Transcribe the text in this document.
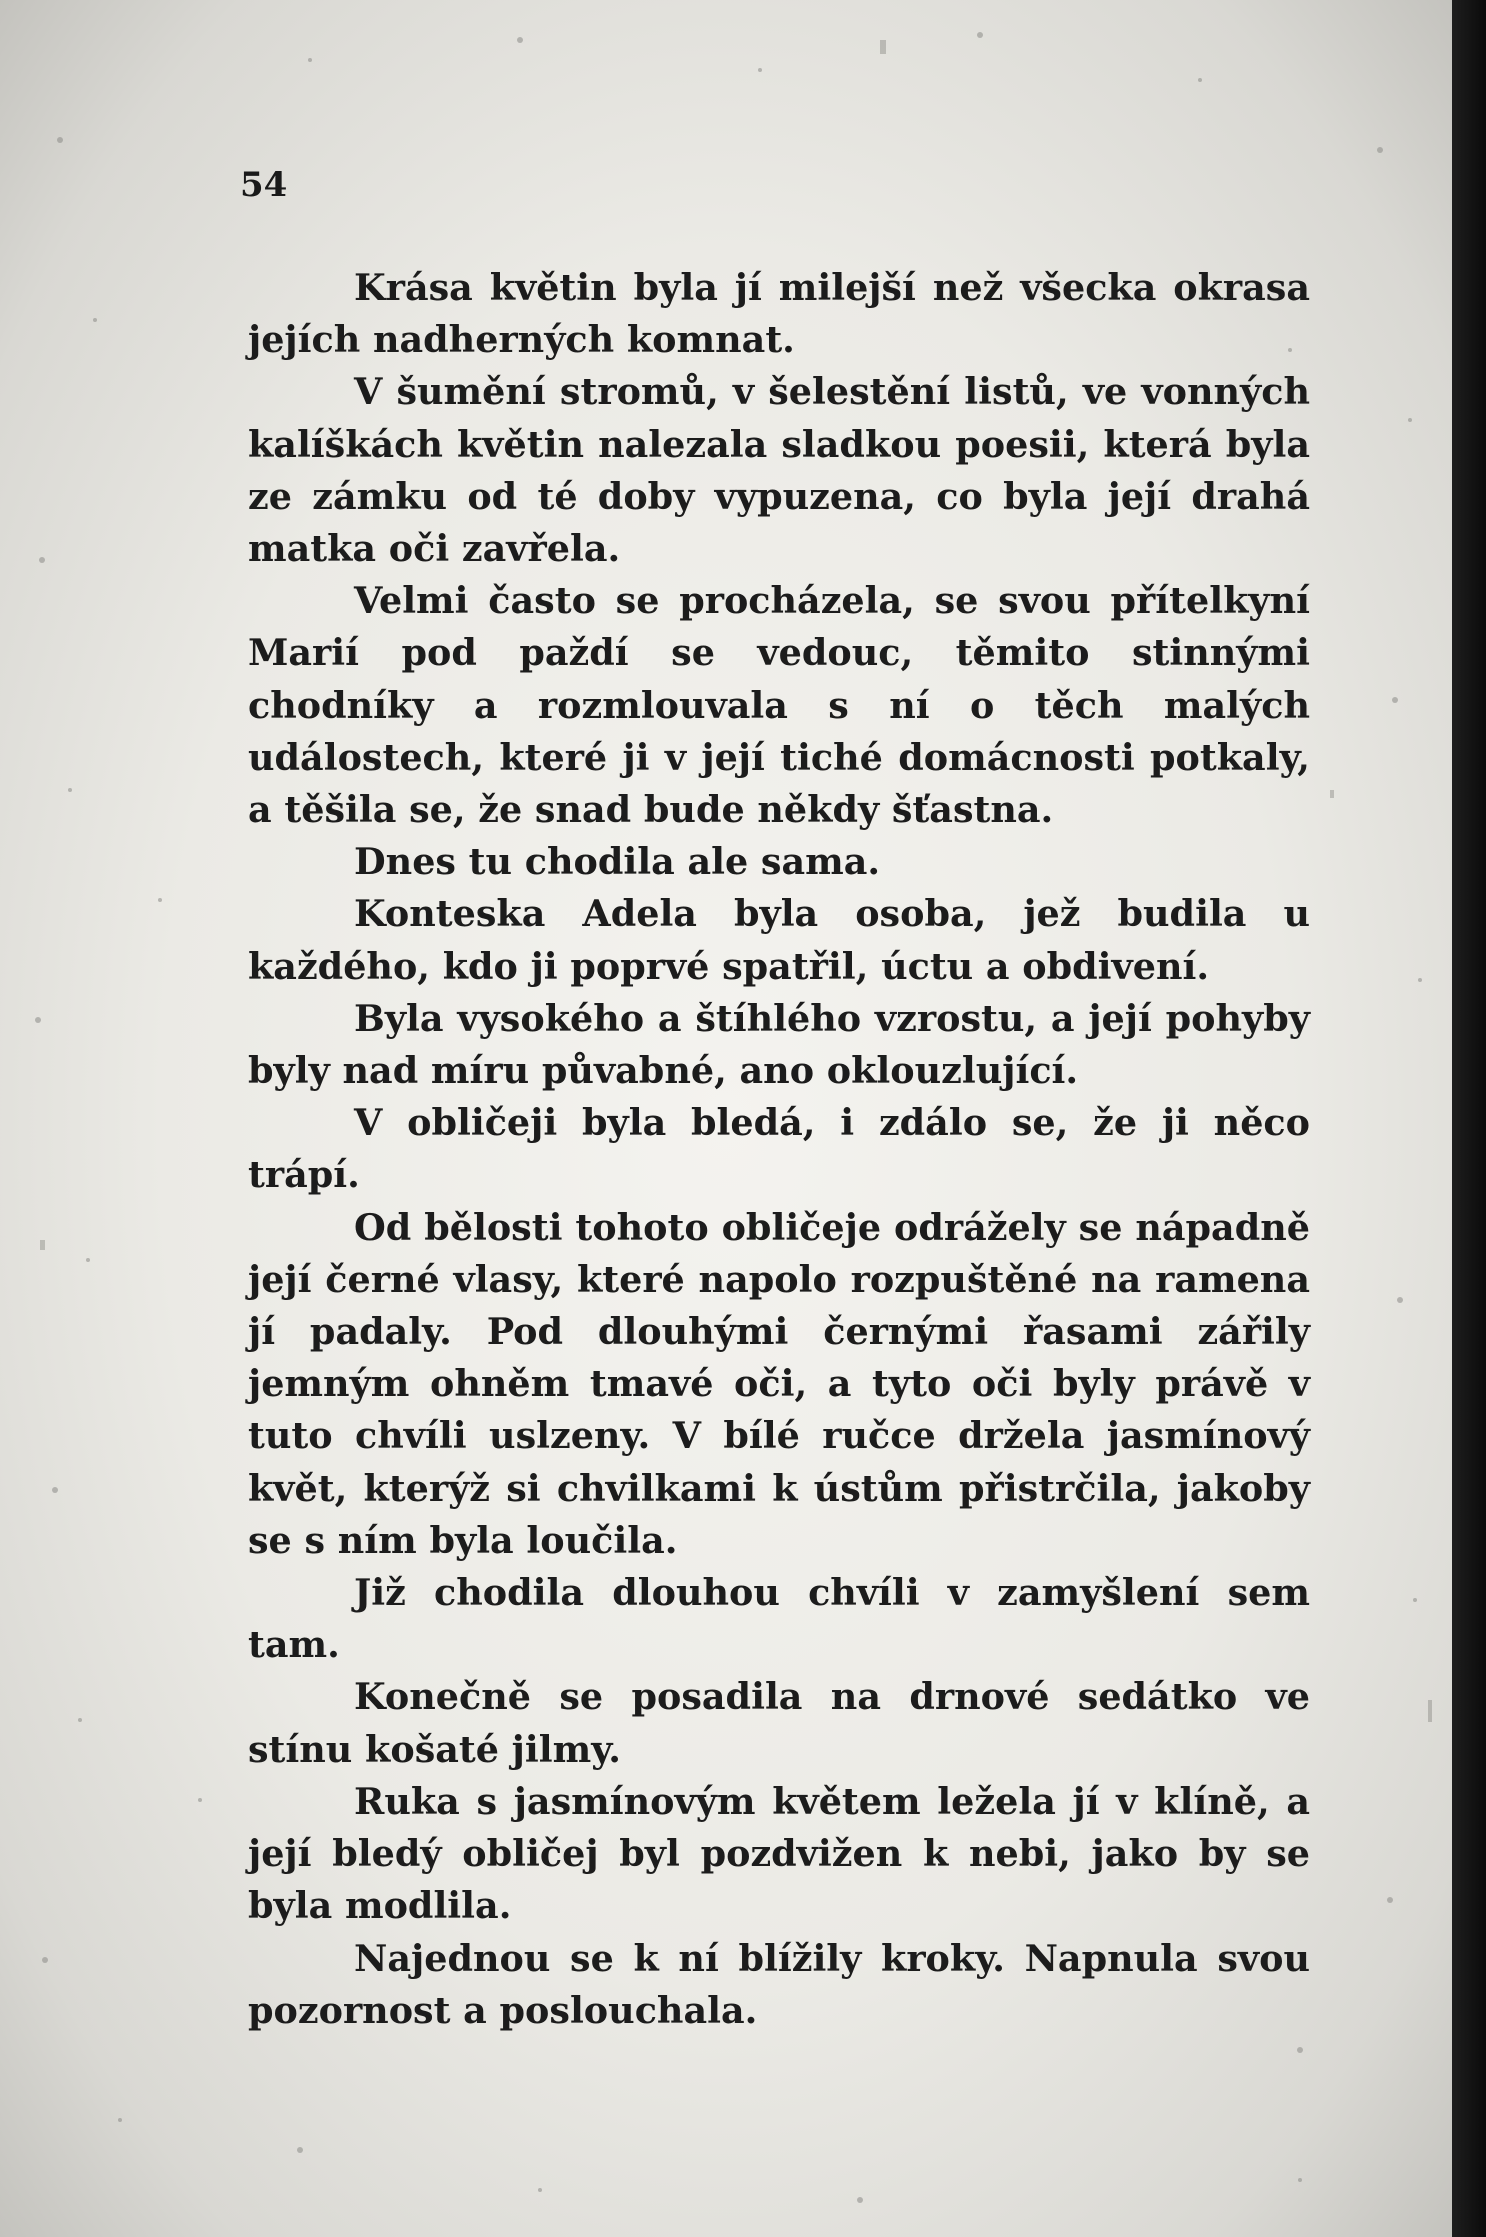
54

Krása květin byla jí milejší než všecka okrasa jejích nadherných komnat.

V šumění stromů, v šelestění listů, ve vonných kalíškách květin nalezala sladkou poesii, která byla ze zámku od té doby vypuzena, co byla její drahá matka oči zavřela.

Velmi často se procházela, se svou přítelkyní Marií pod paždí se vedouc, těmito stinnými chodníky a rozmlouvala s ní o těch malých událostech, které ji v její tiché domácnosti potkaly, a těšila se, že snad bude někdy šťastna.

Dnes tu chodila ale sama.

Konteska Adela byla osoba, jež budila u každého, kdo ji poprvé spatřil, úctu a obdivení.

Byla vysokého a štíhlého vzrostu, a její pohyby byly nad míru půvabné, ano oklouzlující.

V obličeji byla bledá, i zdálo se, že ji něco trápí.

Od bělosti tohoto obličeje odrážely se nápadně její černé vlasy, které napolo rozpuštěné na ramena jí padaly. Pod dlouhými černými řasami zářily jemným ohněm tmavé oči, a tyto oči byly právě v tuto chvíli uslzeny. V bílé ručce držela jasmínový květ, kterýž si chvilkami k ústům přistrčila, jakoby se s ním byla loučila.

Již chodila dlouhou chvíli v zamyšlení sem tam.

Konečně se posadila na drnové sedátko ve stínu košaté jilmy.

Ruka s jasmínovým květem ležela jí v klíně, a její bledý obličej byl pozdvižen k nebi, jako by se byla modlila.

Najednou se k ní blížily kroky. Napnula svou pozornost a poslouchala.
